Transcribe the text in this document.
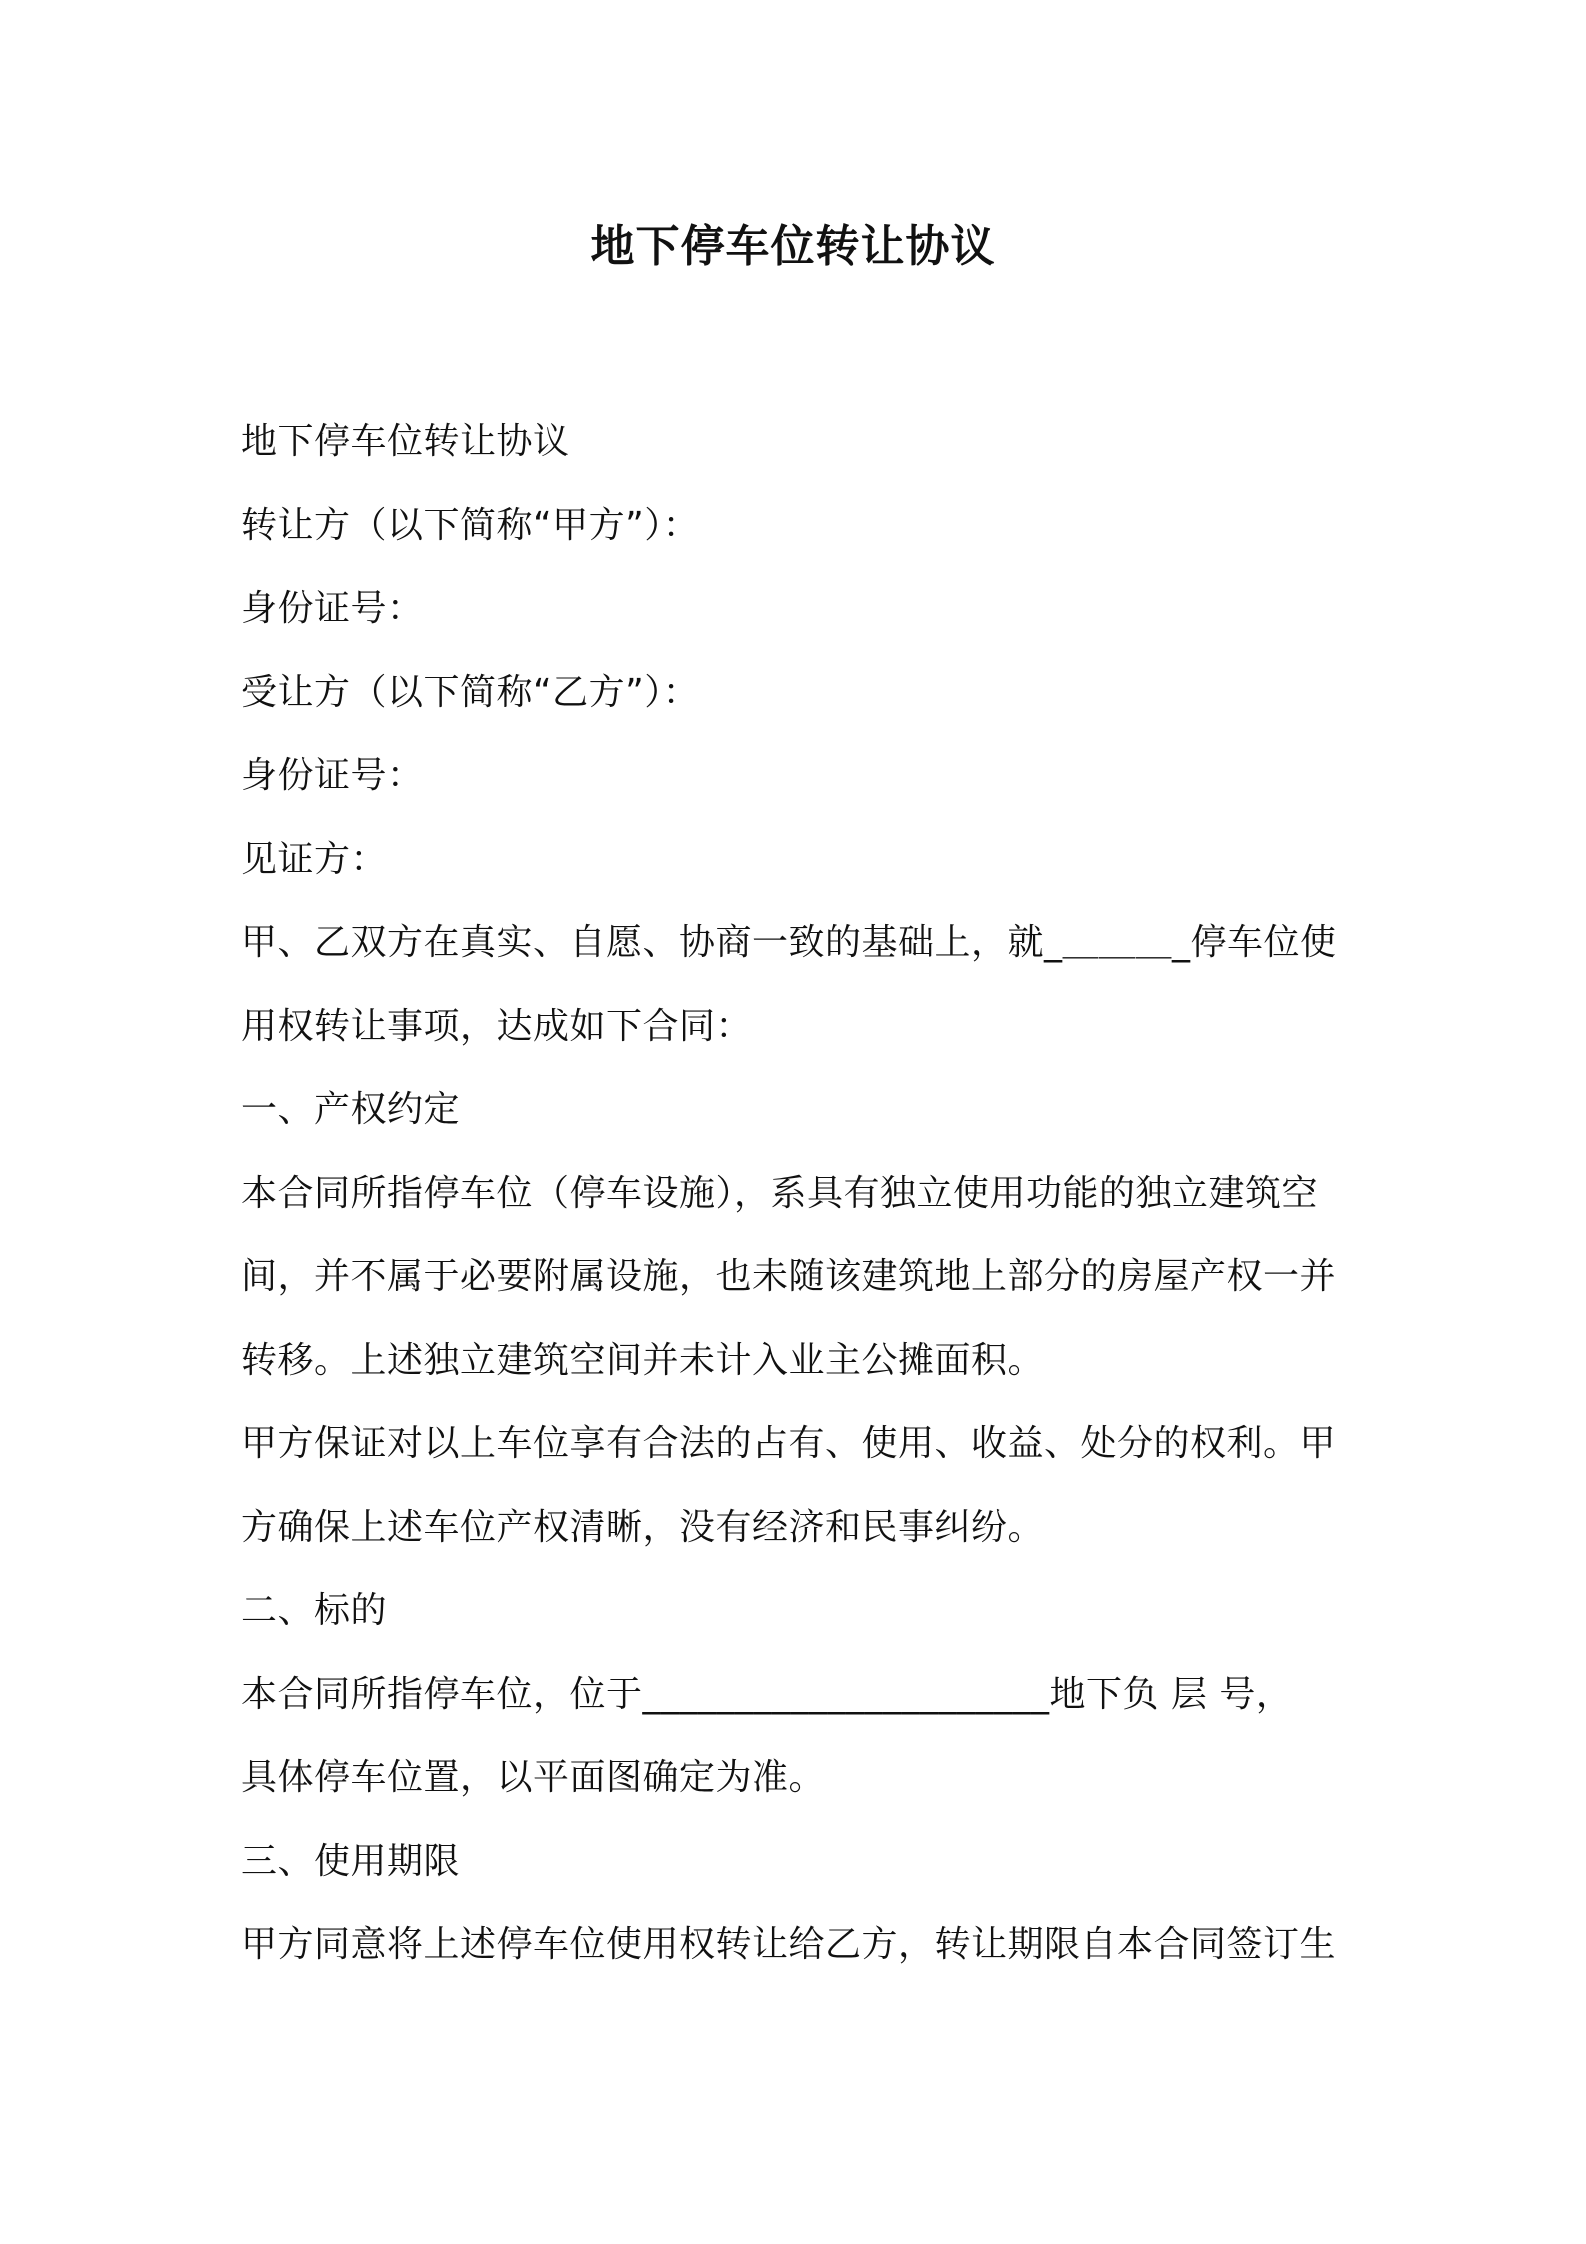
地下停车位转让协议

地下停车位转让协议

转让方（以下简称“甲方”）：

身份证号：

受让方（以下简称“乙方”）：

身份证号：

见证方：

甲、乙双方在真实、自愿、协商一致的基础上，就_＿＿＿_停车位使

用权转让事项，达成如下合同：

一、产权约定

本合同所指停车位（停车设施），系具有独立使用功能的独立建筑空

间，并不属于必要附属设施，也未随该建筑地上部分的房屋产权一并

转移。上述独立建筑空间并未计入业主公摊面积。

甲方保证对以上车位享有合法的占有、使用、收益、处分的权利。甲

方确保上述车位产权清晰，没有经济和民事纠纷。

二、标的

本合同所指停车位，位于______________________地下负 层 号，

具体停车位置，以平面图确定为准。

三、使用期限

甲方同意将上述停车位使用权转让给乙方，转让期限自本合同签订生
